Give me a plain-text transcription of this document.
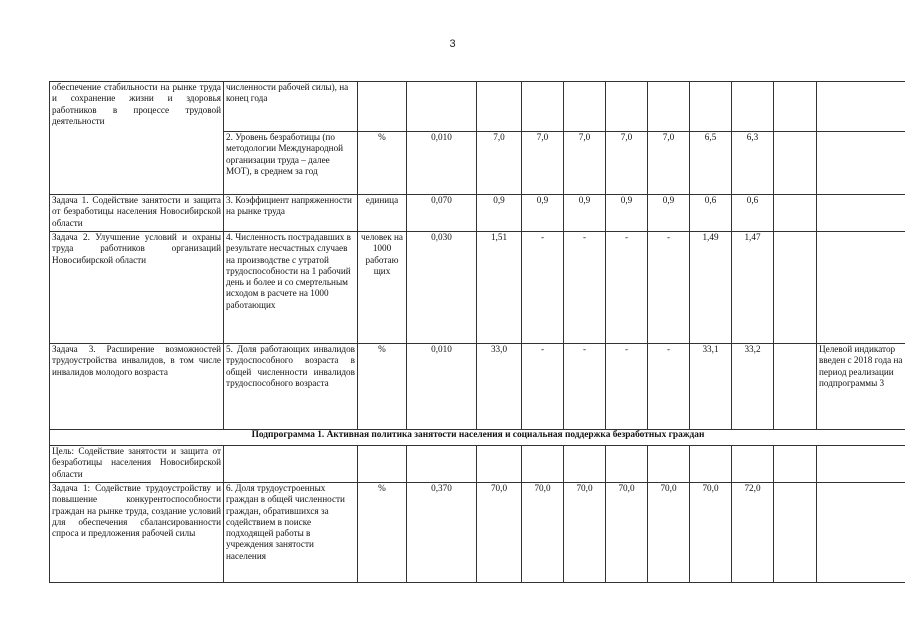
3
обеспечение стабильности на рынке труда и сохранение жизни и здоровья работников в процессе трудовой деятельности	численности рабочей силы), на конец года											
	2. Уровень безработицы (по методологии Международной организации труда – далее МОТ), в среднем за год	%	0,010	7,0	7,0	7,0	7,0	7,0	6,5	6,3		
Задача 1. Содействие занятости и защита от безработицы населения Новосибирской области	3. Коэффициент напряженности на рынке труда	единица	0,070	0,9	0,9	0,9	0,9	0,9	0,6	0,6		
Задача 2. Улучшение условий и охраны труда работников организаций Новосибирской области	4. Численность пострадавших в результате несчастных случаев на производстве с утратой трудоспособности на 1 рабочий день и более и со смертельным исходом в расчете на 1000 работающих	человек на 1000 работаю щих	0,030	1,51	-	-	-	-	1,49	1,47		
Задача 3. Расширение возможностей трудоустройства инвалидов, в том числе инвалидов молодого возраста	5. Доля работающих инвалидов трудоспособного возраста в общей численности инвалидов трудоспособного возраста	%	0,010	33,0	-	-	-	-	33,1	33,2		Целевой индикатор введен с 2018 года на период реализации подпрограммы 3
Подпрограмма 1. Активная политика занятости населения и социальная поддержка безработных граждан												
Цель: Содействие занятости и защита от безработицы населения Новосибирской области												
Задача 1: Содействие трудоустройству и повышение конкурентоспособности граждан на рынке труда, создание условий для обеспечения сбалансированности спроса и предложения рабочей силы	6. Доля трудоустроенных граждан в общей численности граждан, обратившихся за содействием в поиске подходящей работы в учреждения занятости населения	%	0,370	70,0	70,0	70,0	70,0	70,0	70,0	72,0		
